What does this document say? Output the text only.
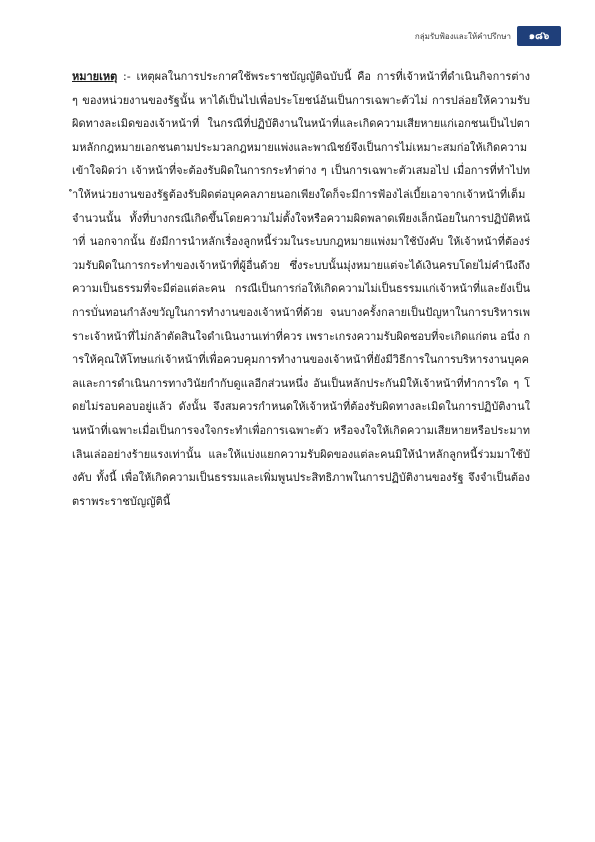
กลุ่มรับฟ้องและให้คำปรึกษา	๑๘๖

หมายเหตุ :- เหตุผลในการประกาศใช้พระราชบัญญัติฉบับนี้ คือ การที่เจ้าหน้าที่ดำเนินกิจการต่าง ๆ ของหน่วยงานของรัฐนั้น หาได้เป็นไปเพื่อประโยชน์อันเป็นการเฉพาะตัวไม่ การปล่อยให้ความรับผิดทางละเมิดของเจ้าหน้าที่ ในกรณีที่ปฏิบัติงานในหน้าที่และเกิดความเสียหายแก่เอกชนเป็นไปตามหลักกฎหมายเอกชนตามประมวลกฎหมายแพ่งและพาณิชย์จึงเป็นการไม่เหมาะสมก่อให้เกิดความเข้าใจผิดว่า เจ้าหน้าที่จะต้องรับผิดในการกระทำต่าง ๆ เป็นการเฉพาะตัวเสมอไป เมื่อการที่ทำไปทำให้หน่วยงานของรัฐต้องรับผิดต่อบุคคลภายนอกเพียงใดก็จะมีการฟ้องไล่เบี้ยเอาจากเจ้าหน้าที่เต็มจำนวนนั้น ทั้งที่บางกรณีเกิดขึ้นโดยความไม่ตั้งใจหรือความผิดพลาดเพียงเล็กน้อยในการปฏิบัติหน้าที่ นอกจากนั้น ยังมีการนำหลักเรื่องลูกหนี้ร่วมในระบบกฎหมายแพ่งมาใช้บังคับ ให้เจ้าหน้าที่ต้องร่วมรับผิดในการกระทำของเจ้าหน้าที่ผู้อื่นด้วย ซึ่งระบบนั้นมุ่งหมายแต่จะได้เงินครบโดยไม่คำนึงถึงความเป็นธรรมที่จะมีต่อแต่ละคน กรณีเป็นการก่อให้เกิดความไม่เป็นธรรมแก่เจ้าหน้าที่และยังเป็นการบั่นทอนกำลังขวัญในการทำงานของเจ้าหน้าที่ด้วย จนบางครั้งกลายเป็นปัญหาในการบริหารเพราะเจ้าหน้าที่ไม่กล้าตัดสินใจดำเนินงานเท่าที่ควร เพราะเกรงความรับผิดชอบที่จะเกิดแก่ตน อนึ่ง การให้คุณให้โทษแก่เจ้าหน้าที่เพื่อควบคุมการทำงานของเจ้าหน้าที่ยังมีวิธีการในการบริหารงานบุคคลและการดำเนินการทางวินัยกำกับดูแลอีกส่วนหนึ่ง อันเป็นหลักประกันมิให้เจ้าหน้าที่ทำการใด ๆ โดยไม่รอบคอบอยู่แล้ว ดังนั้น จึงสมควรกำหนดให้เจ้าหน้าที่ต้องรับผิดทางละเมิดในการปฏิบัติงานในหน้าที่เฉพาะเมื่อเป็นการจงใจกระทำเพื่อการเฉพาะตัว หรือจงใจให้เกิดความเสียหายหรือประมาทเลินเล่ออย่างร้ายแรงเท่านั้น และให้แบ่งแยกความรับผิดของแต่ละคนมิให้นำหลักลูกหนี้ร่วมมาใช้บังคับ ทั้งนี้ เพื่อให้เกิดความเป็นธรรมและเพิ่มพูนประสิทธิภาพในการปฏิบัติงานของรัฐ จึงจำเป็นต้องตราพระราชบัญญัตินี้
